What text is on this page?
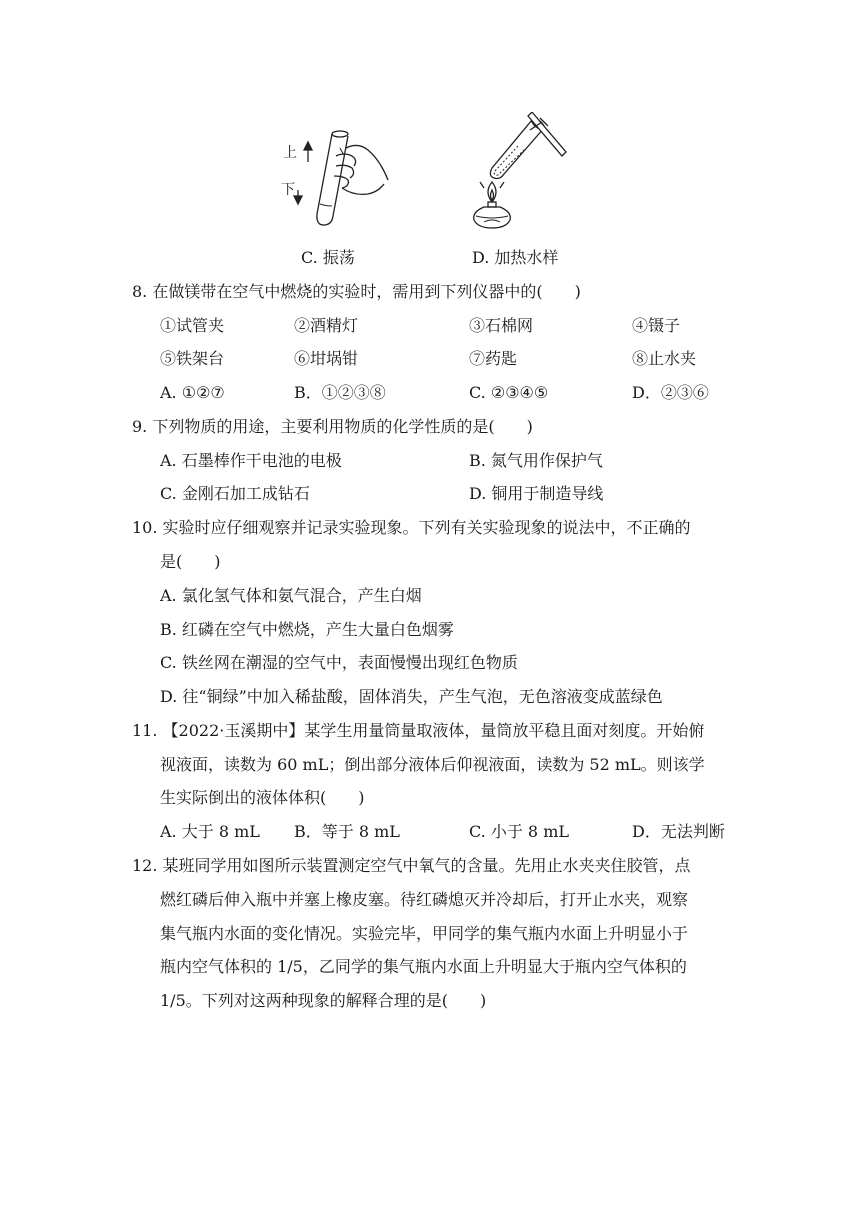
上
下
C. 振荡	D. 加热水样
8. 在做镁带在空气中燃烧的实验时，需用到下列仪器中的(　　)
①试管夹	②酒精灯	③石棉网	④镊子
⑤铁架台	⑥坩埚钳	⑦药匙	⑧止水夹
A. ①②⑦	B．①②③⑧	C. ②③④⑤	D．②③⑥
9. 下列物质的用途，主要利用物质的化学性质的是(　　)
A. 石墨棒作干电池的电极	B. 氮气用作保护气
C. 金刚石加工成钻石	D. 铜用于制造导线
10. 实验时应仔细观察并记录实验现象。下列有关实验现象的说法中，不正确的
是(　　)
A. 氯化氢气体和氨气混合，产生白烟
B. 红磷在空气中燃烧，产生大量白色烟雾
C. 铁丝网在潮湿的空气中，表面慢慢出现红色物质
D. 往“铜绿”中加入稀盐酸，固体消失，产生气泡，无色溶液变成蓝绿色
11. 【2022·玉溪期中】某学生用量筒量取液体，量筒放平稳且面对刻度。开始俯
视液面，读数为 60 mL；倒出部分液体后仰视液面，读数为 52 mL。则该学
生实际倒出的液体体积(　　)
A. 大于 8 mL B．等于 8 mL	C. 小于 8 mL	D．无法判断
12. 某班同学用如图所示装置测定空气中氧气的含量。先用止水夹夹住胶管，点
燃红磷后伸入瓶中并塞上橡皮塞。待红磷熄灭并冷却后，打开止水夹，观察
集气瓶内水面的变化情况。实验完毕，甲同学的集气瓶内水面上升明显小于
瓶内空气体积的 1/5，乙同学的集气瓶内水面上升明显大于瓶内空气体积的
1/5。下列对这两种现象的解释合理的是(　　)
